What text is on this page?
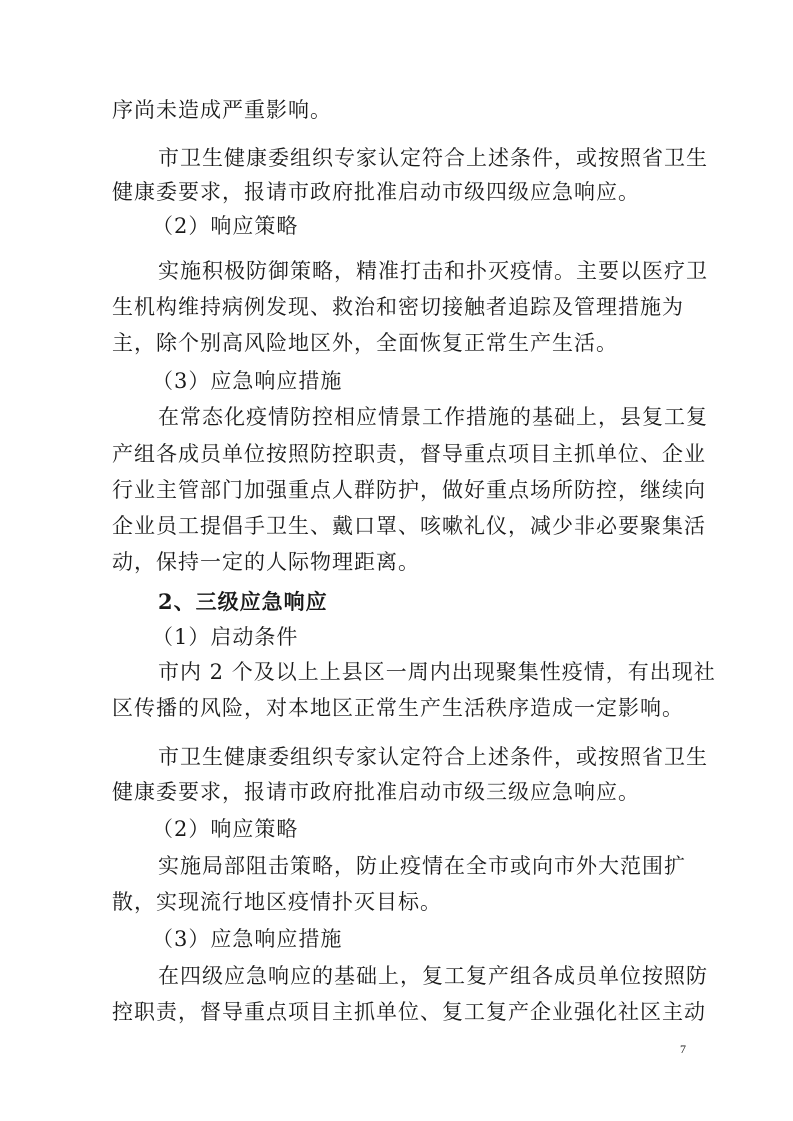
序尚未造成严重影响。
市卫生健康委组织专家认定符合上述条件，或按照省卫生
健康委要求，报请市政府批准启动市级四级应急响应。
（2）响应策略
实施积极防御策略，精准打击和扑灭疫情。主要以医疗卫
生机构维持病例发现、救治和密切接触者追踪及管理措施为
主，除个别高风险地区外，全面恢复正常生产生活。
（3）应急响应措施
在常态化疫情防控相应情景工作措施的基础上，县复工复
产组各成员单位按照防控职责，督导重点项目主抓单位、企业
行业主管部门加强重点人群防护，做好重点场所防控，继续向
企业员工提倡手卫生、戴口罩、咳嗽礼仪，减少非必要聚集活
动，保持一定的人际物理距离。
2、三级应急响应
（1）启动条件
市内 2 个及以上上县区一周内出现聚集性疫情，有出现社
区传播的风险，对本地区正常生产生活秩序造成一定影响。
市卫生健康委组织专家认定符合上述条件，或按照省卫生
健康委要求，报请市政府批准启动市级三级应急响应。
（2）响应策略
实施局部阻击策略，防止疫情在全市或向市外大范围扩
散，实现流行地区疫情扑灭目标。
（3）应急响应措施
在四级应急响应的基础上，复工复产组各成员单位按照防
控职责，督导重点项目主抓单位、复工复产企业强化社区主动
7
